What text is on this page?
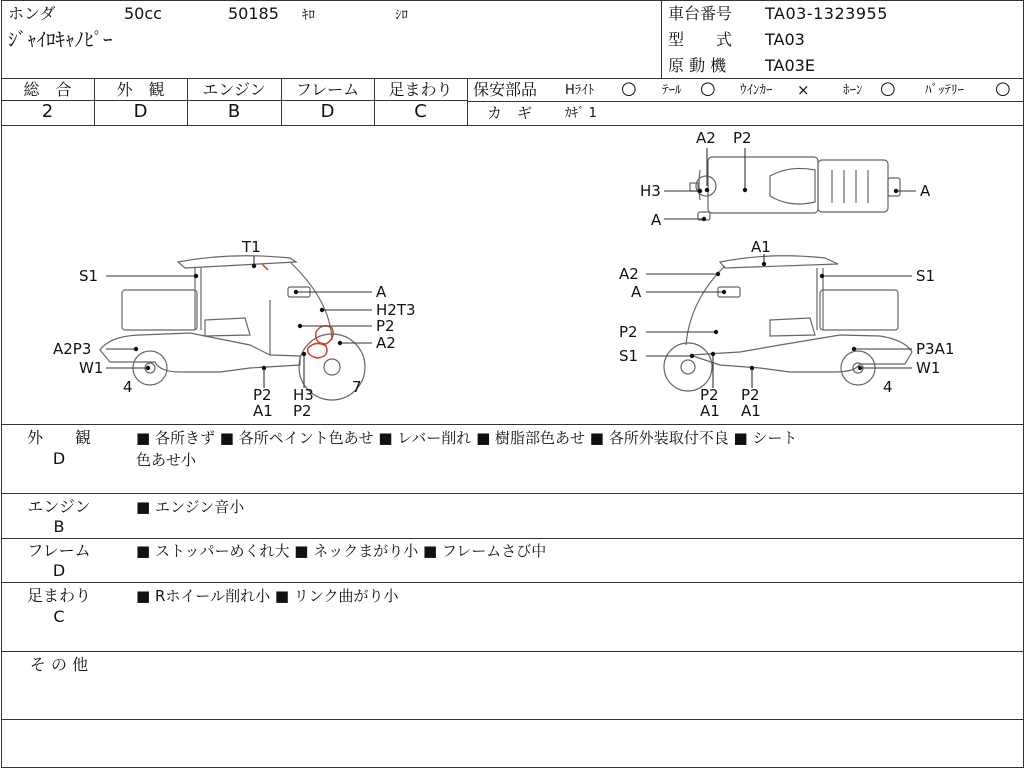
ホンダ	50cc	50185 ｷﾛ	ｼﾛ
ｼﾞｬｲﾛｷｬﾉﾋﾟｰ
車台番号 TA03-1323955
型　　式 TA03
原 動 機 TA03E
総　合	外　観	エンジン	フレーム	足まわり
2	D	B	D	C
保安部品 Hﾗｲﾄ ○ ﾃｰﾙ ○ ｳｲﾝｶｰ ×	ﾎｰﾝ ○ ﾊﾞｯﾃﾘｰ ○
カ　ギ	ｶｷﾞ 1
A2 P2
H3
A
A
T1
S1
A
H2T3
P2
A2
A2P3
W1
4	7
P2
A1
H3
P2
A1
A2	S1
A
P2
S1	P3A1
W1
4
P2
A1
P2
A1
外　　観
D
■ 各所きず ■ 各所ペイント色あせ ■ レバー削れ ■ 樹脂部色あせ ■ 各所外装取付不良 ■ シート
色あせ小
エンジン
B
■ エンジン音小
フレーム
D
■ ストッパーめくれ大 ■ ネックまがり小 ■ フレームさび中
足まわり
C
■ Rホイール削れ小 ■ リンク曲がり小
そ の 他
